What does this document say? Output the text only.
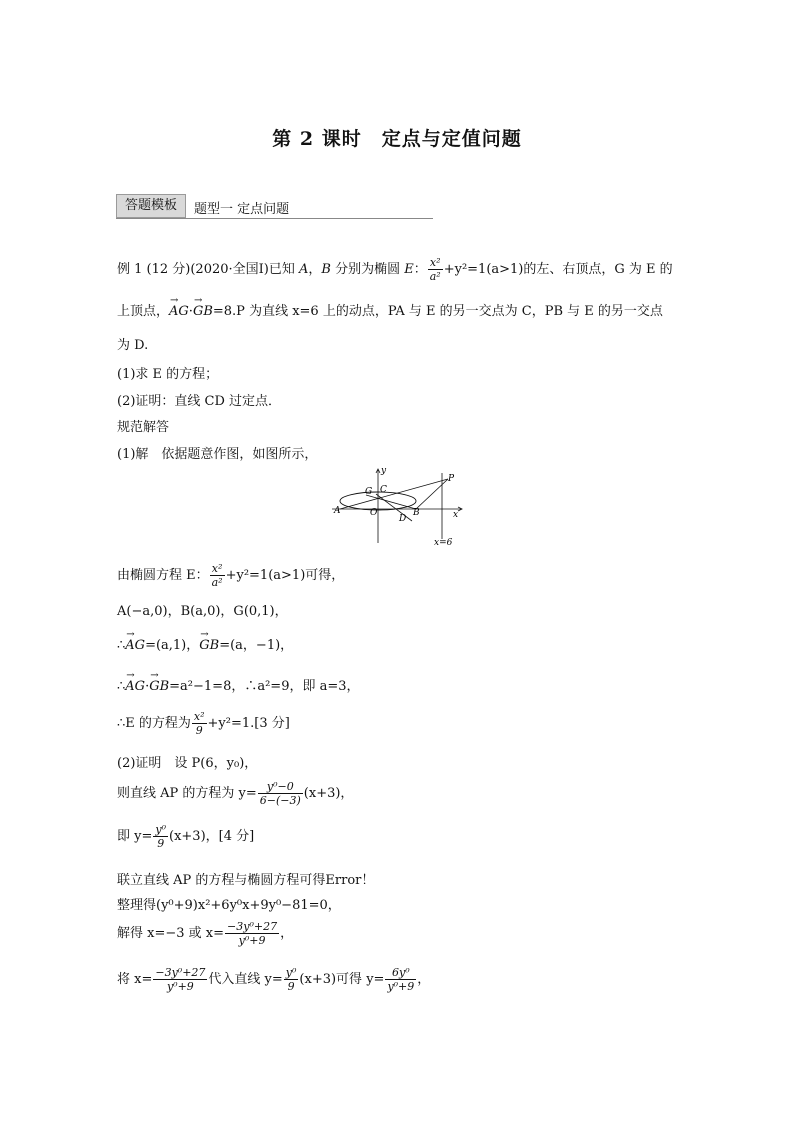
第 2 课时　定点与定值问题
答题模板	题型一 定点问题
例 1 (12 分)(2020·全国Ⅰ)已知 A，B 分别为椭圆 E： $\frac{\text{x²}}{\text{a²}} +y^2=1(a>1)$的左、右顶点，G 为 E 的
上顶点，→ AG·→ GB=8.P 为直线 x=6 上的动点，PA 与 E 的另一交点为 C，PB 与 E 的另一交点
为 D.
(1)求 E 的方程；
(2)证明：直线 CD 过定点．
规范解答
(1)解　依据题意作图，如图所示，
y
x
P
G C
A	O	B
D
x=6
由椭圆方程 E： $\frac{\text{x²}}{\text{a²}} +y^2=1(a>1)$可得，
A(−a,0)，B(a,0)，G(0,1)，
∴→ AG=(a,1)，→ GB=(a，−1)，
∴→ AG·→ GB=a²−1=8，∴a²=9，即 a=3，
∴E 的方程为 $\frac{\text{x²}}{9} +y^2=1.[3$ 分]
(2)证明　设 P(6，y₀)，
则直线 AP 的方程为 $y= \frac{\text{y⁰−0}}{6-(-3)} (x+3)$，
即 $y= \frac{\text{y⁰}}{9} (x+3)$，[4 分]
联立直线 AP 的方程与椭圆方程可得Error！
整理得(y⁰+9)x²+6y⁰x+9y⁰−81=0，
解得 x=−3 或 $x= \frac{\text{−3y⁰+27}}{\text{y⁰+9}}$ ，
将 $x= \frac{\text{−3y⁰+27}}{\text{y⁰+9}}$ 代入直线 $y= \frac{\text{y⁰}}{9} (x+3)$可得 $y= \frac{\text{6y⁰}}{\text{y⁰+9}}$ ，
